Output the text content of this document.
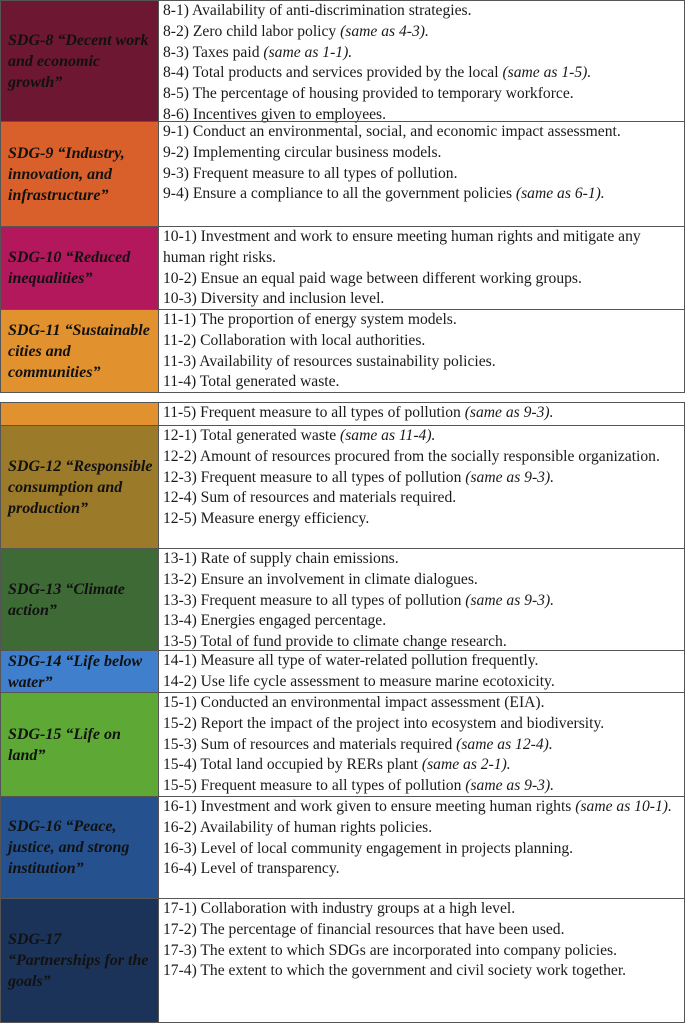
SDG-8 “Decent work and economic growth”
8-1) Availability of anti-discrimination strategies.
8-2) Zero child labor policy (same as 4-3).
8-3) Taxes paid (same as 1-1).
8-4) Total products and services provided by the local (same as 1-5).
8-5) The percentage of housing provided to temporary workforce.
8-6) Incentives given to employees.
SDG-9 “Industry, innovation, and infrastructure”
9-1) Conduct an environmental, social, and economic impact assessment.
9-2) Implementing circular business models.
9-3) Frequent measure to all types of pollution.
9-4) Ensure a compliance to all the government policies (same as 6-1).
SDG-10 “Reduced inequalities”
10-1) Investment and work to ensure meeting human rights and mitigate any human right risks.
10-2) Ensue an equal paid wage between different working groups.
10-3) Diversity and inclusion level.
SDG-11 “Sustainable cities and communities”
11-1) The proportion of energy system models.
11-2) Collaboration with local authorities.
11-3) Availability of resources sustainability policies.
11-4) Total generated waste.
11-5) Frequent measure to all types of pollution (same as 9-3).
SDG-12 “Responsible consumption and production”
12-1) Total generated waste (same as 11-4).
12-2) Amount of resources procured from the socially responsible organization.
12-3) Frequent measure to all types of pollution (same as 9-3).
12-4) Sum of resources and materials required.
12-5) Measure energy efficiency.
SDG-13 “Climate action”
13-1) Rate of supply chain emissions.
13-2) Ensure an involvement in climate dialogues.
13-3) Frequent measure to all types of pollution (same as 9-3).
13-4) Energies engaged percentage.
13-5) Total of fund provide to climate change research.
SDG-14 “Life below water”
14-1) Measure all type of water-related pollution frequently.
14-2) Use life cycle assessment to measure marine ecotoxicity.
SDG-15 “Life on land”
15-1) Conducted an environmental impact assessment (EIA).
15-2) Report the impact of the project into ecosystem and biodiversity.
15-3) Sum of resources and materials required (same as 12-4).
15-4) Total land occupied by RERs plant (same as 2-1).
15-5) Frequent measure to all types of pollution (same as 9-3).
SDG-16 “Peace, justice, and strong institution”
16-1) Investment and work given to ensure meeting human rights (same as 10-1).
16-2) Availability of human rights policies.
16-3) Level of local community engagement in projects planning.
16-4) Level of transparency.
SDG-17 “Partnerships for the goals”
17-1) Collaboration with industry groups at a high level.
17-2) The percentage of financial resources that have been used.
17-3) The extent to which SDGs are incorporated into company policies.
17-4) The extent to which the government and civil society work together.
